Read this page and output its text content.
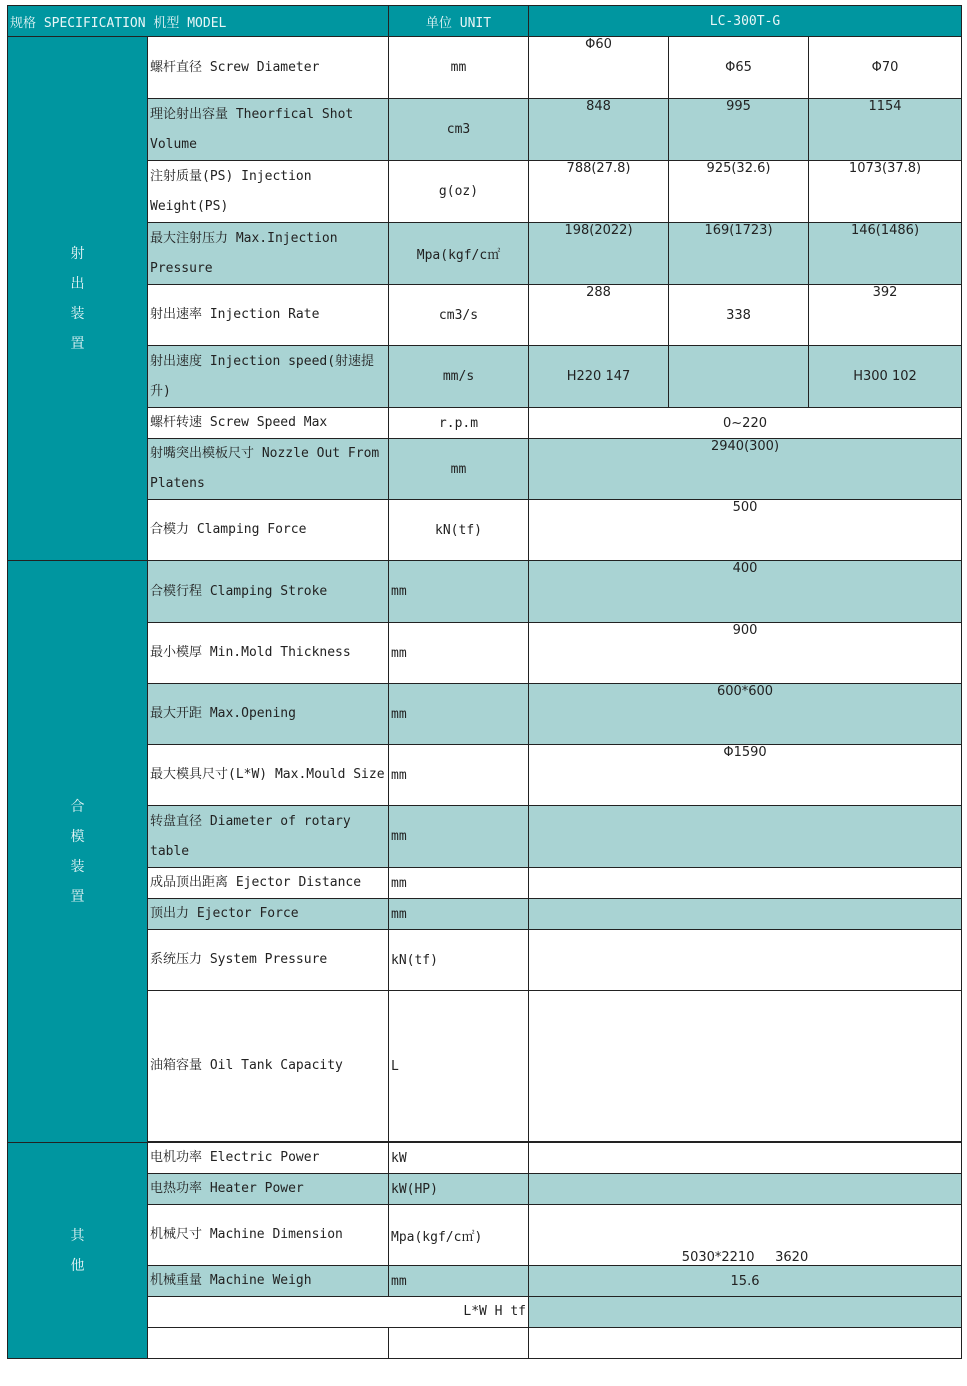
规格 SPECIFICATION 机型 MODEL		单位 UNIT	LC-300T-G		

射
出
装
置	螺杆直径 Screw Diameter	mm	Φ60	Φ65	Φ70
	理论射出容量 Theorfical Shot Volume	cm3	848	995	1154
	注射质量(PS) Injection Weight(PS)	g(oz)	788(27.8)	925(32.6)	1073(37.8)
	最大注射压力 Max.Injection Pressure	Mpa(kgf/c㎡	198(2022)	169(1723)	146(1486)
	射出速率 Injection Rate	cm3/s	288	338	392
	射出速度 Injection speed(射速提升)	mm/s	H220 147		H300 102
	螺杆转速 Screw Speed Max	r.p.m	0~220		
	射嘴突出模板尺寸 Nozzle Out From Platens	mm	2940(300)		
	合模力 Clamping Force	kN(tf)	500		

合
模
装
置	合模行程 Clamping Stroke	mm	400		
	最小模厚 Min.Mold Thickness	mm	900		
	最大开距 Max.Opening	mm	600*600		
	最大模具尺寸(L*W) Max.Mould Size	mm	Φ1590		
	转盘直径 Diameter of rotary table	mm			
	成品顶出距离 Ejector Distance	mm			
	顶出力 Ejector Force	mm			
	系统压力 System Pressure	kN(tf)			
	油箱容量 Oil Tank Capacity	L			

其
他	电机功率 Electric Power	kW			
	电热功率 Heater Power	kW(HP)			
	机械尺寸 Machine Dimension	Mpa(kgf/c㎡)	5030*2210     3620		
	机械重量 Machine Weigh	mm	15.6		
	L*W H tf				
